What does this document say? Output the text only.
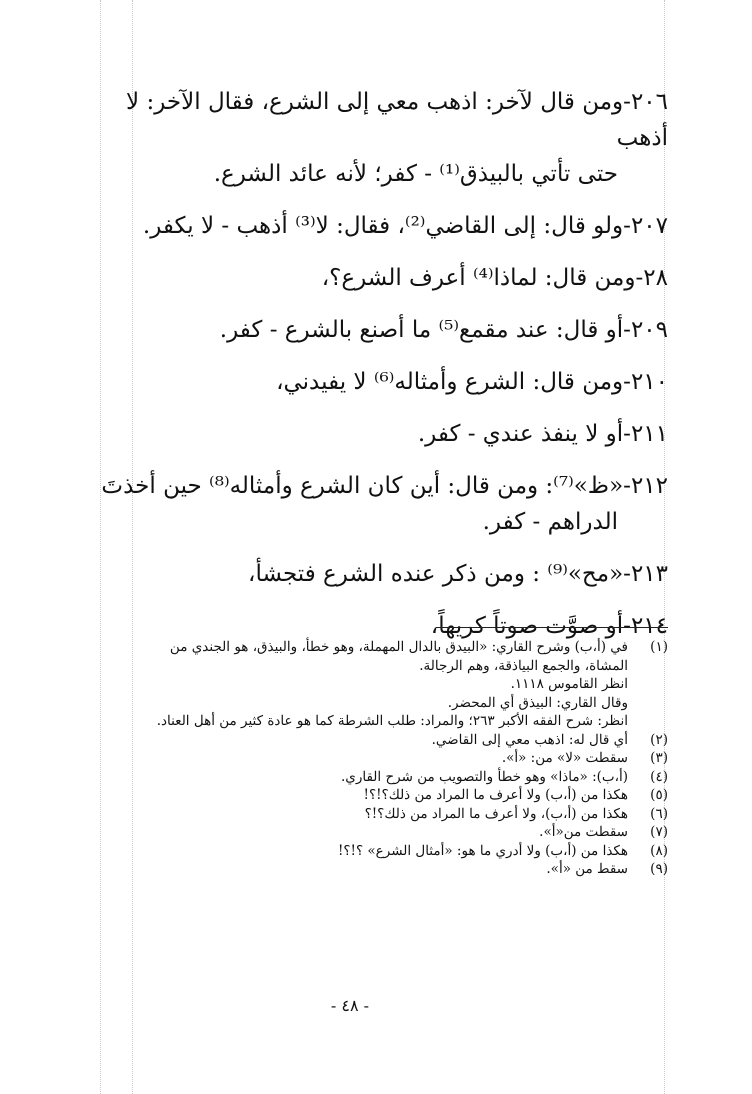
٢٠٦-ومن قال لآخر: اذهب معي إلى الشرع، فقال الآخر: لا أذهب
حتى تأتي بالبيذق⁽¹⁾ - كفر؛ لأنه عائد الشرع.
٢٠٧-ولو قال: إلى القاضي⁽²⁾، فقال: لا⁽³⁾ أذهب - لا يكفر.
٢٨-ومن قال: لماذا⁽⁴⁾ أعرف الشرع؟،
٢٠٩-أو قال: عند مقمع⁽⁵⁾ ما أصنع بالشرع - كفر.
٢١٠-ومن قال: الشرع وأمثاله⁽⁶⁾ لا يفيدني،
٢١١-أو لا ينفذ عندي - كفر.
٢١٢-«ظ»⁽⁷⁾: ومن قال: أين كان الشرع وأمثاله⁽⁸⁾ حين أخذتَ
الدراهم - كفر.
٢١٣-«مح»⁽⁹⁾ : ومن ذكر عنده الشرع فتجشأ،
٢١٤-أو صوَّت صوتاً كريهاً،
(١)
في (أ،ب) وشرح القاري: «البيدق بالدال المهملة، وهو خطأ، والبيذق، هو الجندي من
المشاة، والجمع البياذقة، وهم الرجالة.
انظر القاموس ١١١٨.
وقال القاري: البيذق أي المحضر.
انظر: شرح الفقه الأكبر ٢٦٣؛ والمراد: طلب الشرطة كما هو عادة كثير من أهل العناد.
(٢)
أي قال له: اذهب معي إلى القاضي.
(٣)
سقطت «لا» من: «أ».
(٤)
(أ،ب): «ماذا» وهو خطأ والتصويب من شرح القاري.
(٥)
هكذا من (أ،ب) ولا أعرف ما المراد من ذلك؟!؟!
(٦)
هكذا من (أ،ب)، ولا أعرف ما المراد من ذلك؟!؟
(٧)
سقطت من«أ».
(٨)
هكذا من (أ،ب) ولا أدري ما هو: «أمثال الشرع» ؟!؟!
(٩)
سقط من «أ».
- ٤٨ -
